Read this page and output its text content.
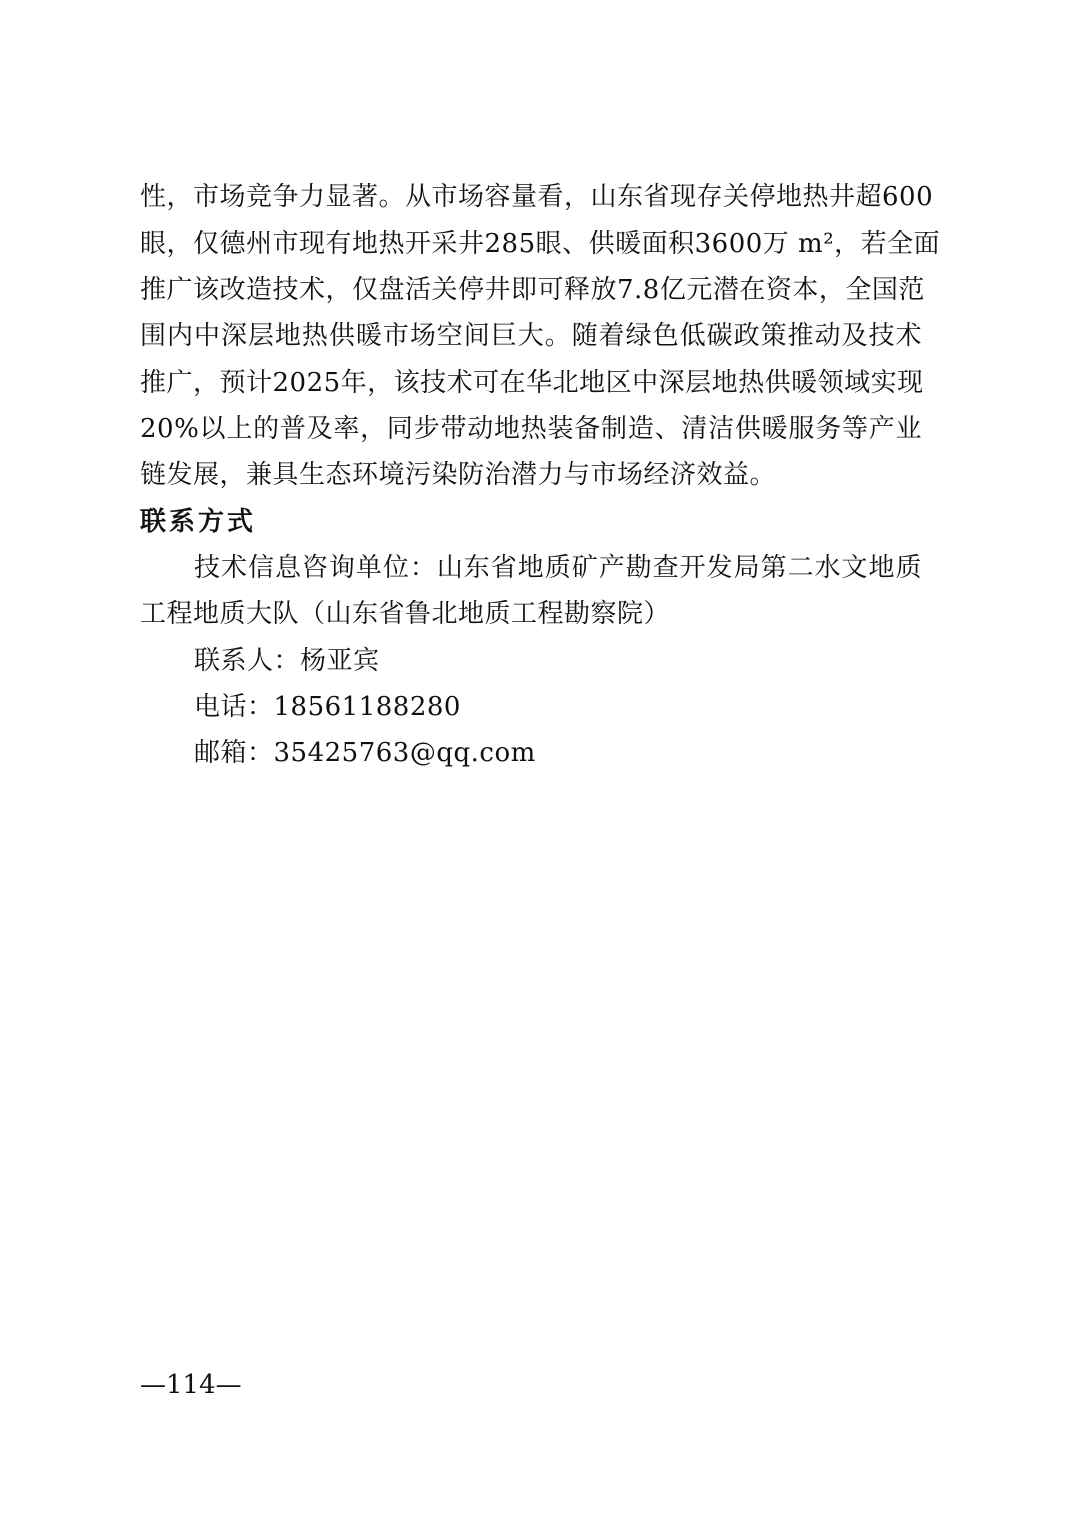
性，市场竞争力显著。从市场容量看，山东省现存关停地热井超600
眼，仅德州市现有地热开采井285眼、供暖面积3600万 m²，若全面
推广该改造技术，仅盘活关停井即可释放7.8亿元潜在资本，全国范
围内中深层地热供暖市场空间巨大。随着绿色低碳政策推动及技术
推广，预计2025年，该技术可在华北地区中深层地热供暖领域实现
20%以上的普及率，同步带动地热装备制造、清洁供暖服务等产业
链发展，兼具生态环境污染防治潜力与市场经济效益。
联系方式
技术信息咨询单位：山东省地质矿产勘查开发局第二水文地质
工程地质大队（山东省鲁北地质工程勘察院）
联系人：杨亚宾
电话：18561188280
邮箱：35425763@qq.com
—114—
